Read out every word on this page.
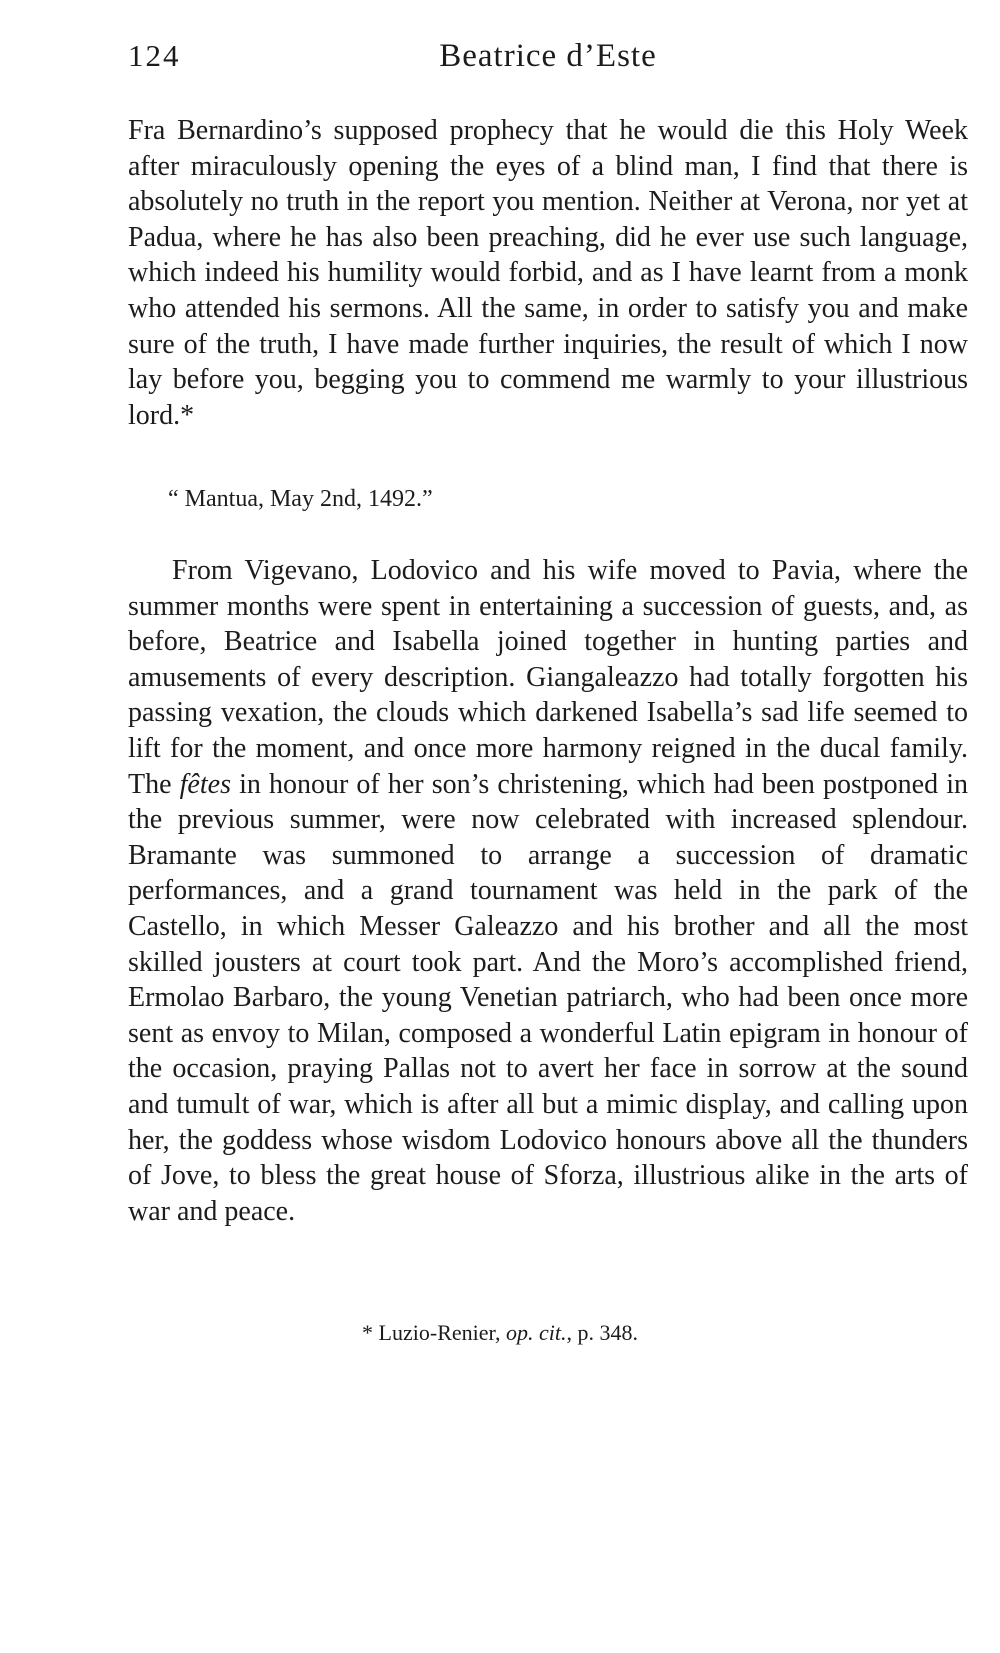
124	Beatrice d’Este

Fra Bernardino’s supposed prophecy that he would die this Holy Week after miraculously opening the eyes of a blind man, I find that there is absolutely no truth in the report you mention. Neither at Verona, nor yet at Padua, where he has also been preaching, did he ever use such language, which indeed his humility would forbid, and as I have learnt from a monk who attended his sermons. All the same, in order to satisfy you and make sure of the truth, I have made further inquiries, the result of which I now lay before you, begging you to commend me warmly to your illustrious lord.*

“ Mantua, May 2nd, 1492.”

From Vigevano, Lodovico and his wife moved to Pavia, where the summer months were spent in entertaining a succession of guests, and, as before, Beatrice and Isabella joined together in hunting parties and amusements of every description. Giangaleazzo had totally forgotten his passing vexation, the clouds which darkened Isabella’s sad life seemed to lift for the moment, and once more harmony reigned in the ducal family. The fêtes in honour of her son’s christening, which had been postponed in the previous summer, were now celebrated with increased splendour. Bramante was summoned to arrange a succession of dramatic performances, and a grand tournament was held in the park of the Castello, in which Messer Galeazzo and his brother and all the most skilled jousters at court took part. And the Moro’s accomplished friend, Ermolao Barbaro, the young Venetian patriarch, who had been once more sent as envoy to Milan, composed a wonderful Latin epigram in honour of the occasion, praying Pallas not to avert her face in sorrow at the sound and tumult of war, which is after all but a mimic display, and calling upon her, the goddess whose wisdom Lodovico honours above all the thunders of Jove, to bless the great house of Sforza, illustrious alike in the arts of war and peace.

* Luzio-Renier, op. cit., p. 348.
